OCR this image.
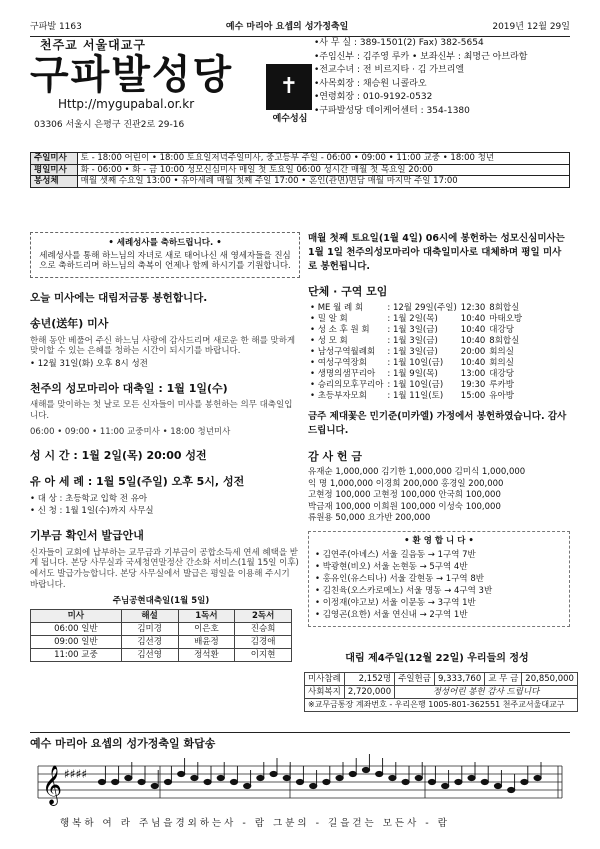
구파발 1163	예수 마리아 요셉의 성가정축일	2019년 12월 29일
천주교 서울대교구
구파발성당
Http://mygupabal.or.kr
03306 서울시 은평구 진관2로 29-16
✝
예수성심
•사 무 실 : 389-1501(2) Fax) 382-5654
•주임신부 : 김주영 루카 • 보좌신부 : 최명근 아브라함
•전교수녀 : 전 비르지타 · 김 가브리엘
•사목회장 : 채승원 니콜라오
•연령회장 : 010-9192-0532
•구파발성당 데이케어센터 : 354-1380
주일미사	토 - 18:00 어린이 • 18:00 토요일저녁주일미사, 중고등부 주일 - 06:00 • 09:00 • 11:00 교중 • 18:00 청년
평일미사	화 - 06:00 • 화 - 금 10:00 성모신심미사 매일 첫 토요일 06:00 성시간 매월 첫 목요일 20:00
봉성체	매월 셋째 수요일 13:00 • 유아세례 매월 첫째 주일 17:00 • 혼인(관면)면담 매월 마지막 주일 17:00
• 세례성사를 축하드립니다. •
세례성사를 통해 하느님의 자녀로 새로 태어나신 새 영세자들을 진심으로 축하드리며 하느님의 축복이 언제나 함께 하시기를 기원합니다.
오늘 미사에는 대림저금통 봉헌합니다.
송년(送年) 미사
한해 동안 베풀어 주신 하느님 사랑에 감사드리며 새로운 한 해를 맞하게 맞이할 수 있는 은혜를 청하는 시간이 되시기를 바랍니다.
• 12월 31일(화) 오후 8시 성전
천주의 성모마리아 대축일 : 1월 1일(수)
새해를 맞이하는 첫 날로 모든 신자들이 미사를 봉헌하는 의무 대축일입니다.
06:00 • 09:00 • 11:00 교중미사 • 18:00 청년미사
성 시 간 : 1월 2일(목) 20:00 성전
유 아 세 례 : 1월 5일(주일) 오후 5시, 성전
• 대 상 : 초등학교 입학 전 유아
• 신 청 : 1월 1일(수)까지 사무실
기부금 확인서 발급안내
신자들이 교회에 납부하는 교무금과 기부금이 공합소득세 연세 혜택을 받게 됩니다. 본당 사무실과 국세청연말정산 간소화 서비스(1월 15일 이후)에서도 발급가능합니다. 본당 사무실에서 발급은 평일을 이용해 주시기 바랍니다.
주님공현대축일(1월 5일)
미사	해설	1독서	2독서
06:00 일반	김미경	이은호	진승희
09:00 일반	김선경	배윤정	김경애
11:00 교중	김선영	정석환	이지현
매월 첫째 토요일(1월 4일) 06시에 봉헌하는 성모신심미사는 1월 1일 천주의성모마리아 대축일미사로 대체하며 평일 미사로 봉헌됩니다.
단체 · 구역 모임
• ME 월 례 회	: 12월 29일(주일)	12:30	8회합실
• 밀 알 회	: 1월 2일(목)	10:40	마태오방
• 성 소 후 원 회	: 1월 3일(금)	10:40	대강당
• 성 모 회	: 1월 3일(금)	10:40	8회합실
• 남성구역월례회	: 1월 3일(금)	20:00	회의실
• 여성구역장회	: 1월 10일(금)	10:40	회의실
• 생명의샘꾸리아	: 1월 9일(목)	13:00	대강당
• 승리의모후꾸리아	: 1월 10일(금)	19:30	루카방
• 초등부자모회	: 1월 11일(토)	15:00	유아방
금주 제대꽃은 민기준(미카엘) 가정에서 봉헌하였습니다. 감사드립니다.
감 사 헌 금
유재순 1,000,000 김기한 1,000,000 김미식 1,000,000
익 명 1,000,000 이경희 200,000 홍경일 200,000
고현정 100,000 고현정 100,000 안국희 100,000
박금재 100,000 이희원 100,000 이성숙 100,000
류원용 50,000 요가반 200,000
• 환 영 합 니 다 •
• 김연주(아녜스) 서울 길음동 → 1구역 7반
• 박광현(비오) 서울 논현동 → 5구역 4반
• 홍유인(유스티나) 서울 갈현동 → 1구역 8반
• 김친육(오스카로메노) 서울 명동 → 4구역 3반
• 이정재(야고보) 서울 이문동 → 3구역 1반
• 김영곤(요한) 서울 연신내 → 2구역 1반
대림 제4주일(12월 22일) 우리들의 정성
미사참례	2,152명	주일헌금	9,333,760	교 무 금	20,850,000
사회복지	2,720,000	정성어린 봉헌 감사 드립니다			
※교무금통장 계좌번호 - 우리은행 1005-801-362551 천주교서울대교구					
예수 마리아 요셉의 성가정축일 화답송
𝄞 ♯♯♯♯
행복하 여 라 주님을경외하는사 - 람 그분의 - 길을걷는 모든사 - 람
